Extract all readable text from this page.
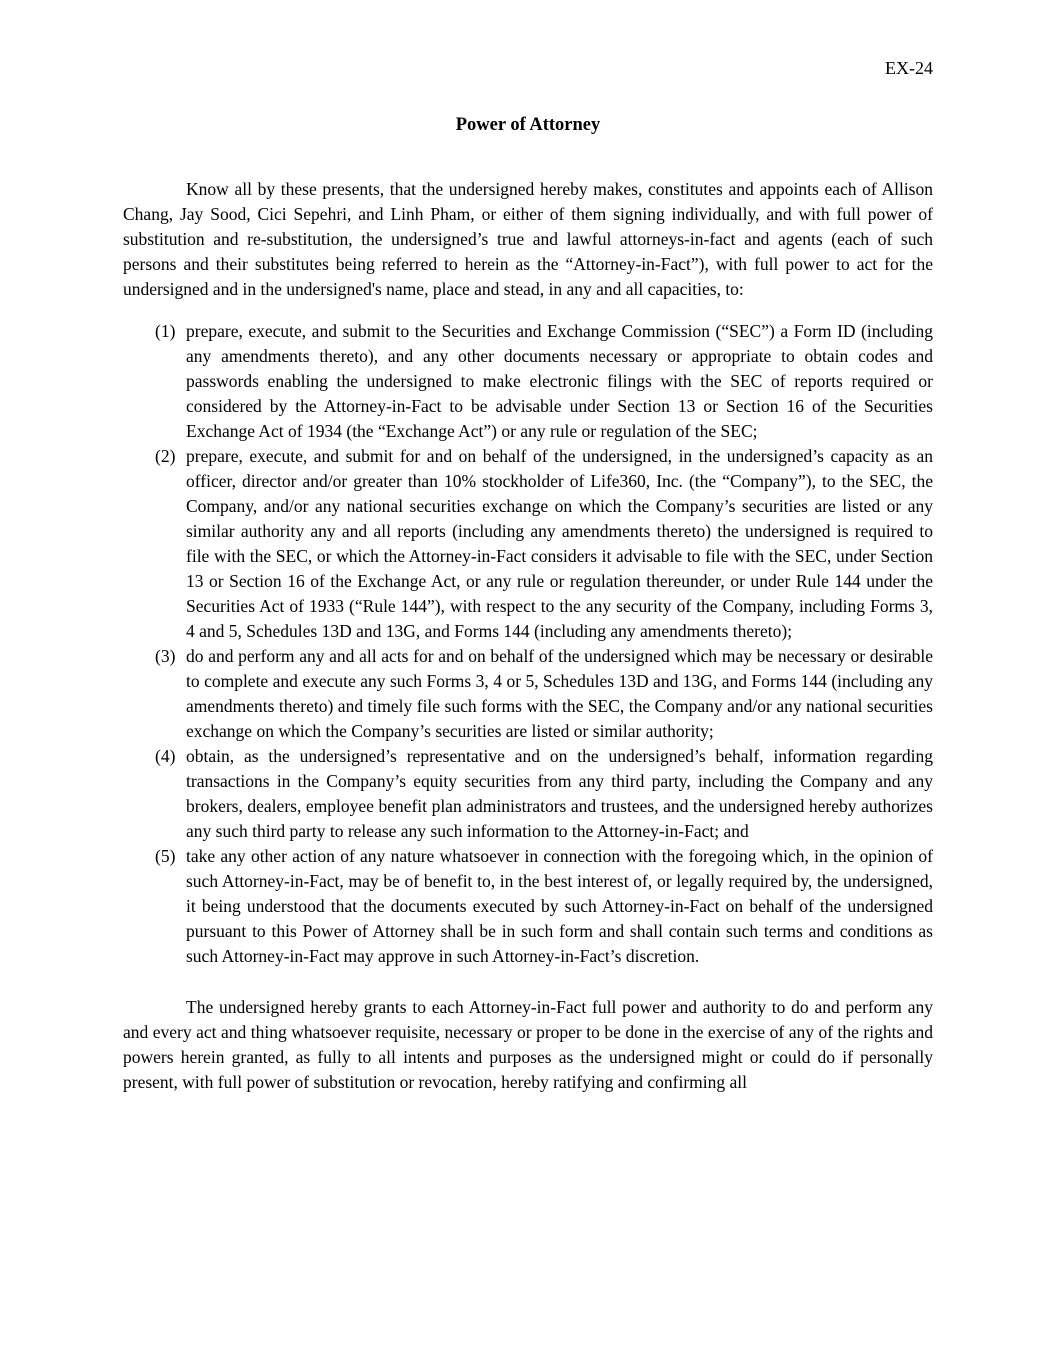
EX-24
Power of Attorney

Know all by these presents, that the undersigned hereby makes, constitutes and appoints each of Allison Chang, Jay Sood, Cici Sepehri, and Linh Pham, or either of them signing individually, and with full power of substitution and re-substitution, the undersigned’s true and lawful attorneys-in-fact and agents (each of such persons and their substitutes being referred to herein as the “Attorney-in-Fact”), with full power to act for the undersigned and in the undersigned's name, place and stead, in any and all capacities, to:

(1) prepare, execute, and submit to the Securities and Exchange Commission (“SEC”) a Form ID (including any amendments thereto), and any other documents necessary or appropriate to obtain codes and passwords enabling the undersigned to make electronic filings with the SEC of reports required or considered by the Attorney-in-Fact to be advisable under Section 13 or Section 16 of the Securities Exchange Act of 1934 (the “Exchange Act”) or any rule or regulation of the SEC;
(2) prepare, execute, and submit for and on behalf of the undersigned, in the undersigned’s capacity as an officer, director and/or greater than 10% stockholder of Life360, Inc. (the “Company”), to the SEC, the Company, and/or any national securities exchange on which the Company’s securities are listed or any similar authority any and all reports (including any amendments thereto) the undersigned is required to file with the SEC, or which the Attorney-in-Fact considers it advisable to file with the SEC, under Section 13 or Section 16 of the Exchange Act, or any rule or regulation thereunder, or under Rule 144 under the Securities Act of 1933 (“Rule 144”), with respect to the any security of the Company, including Forms 3, 4 and 5, Schedules 13D and 13G, and Forms 144 (including any amendments thereto);
(3) do and perform any and all acts for and on behalf of the undersigned which may be necessary or desirable to complete and execute any such Forms 3, 4 or 5, Schedules 13D and 13G, and Forms 144 (including any amendments thereto) and timely file such forms with the SEC, the Company and/or any national securities exchange on which the Company’s securities are listed or similar authority;
(4) obtain, as the undersigned’s representative and on the undersigned’s behalf, information regarding transactions in the Company’s equity securities from any third party, including the Company and any brokers, dealers, employee benefit plan administrators and trustees, and the undersigned hereby authorizes any such third party to release any such information to the Attorney-in-Fact; and
(5) take any other action of any nature whatsoever in connection with the foregoing which, in the opinion of such Attorney-in-Fact, may be of benefit to, in the best interest of, or legally required by, the undersigned, it being understood that the documents executed by such Attorney-in-Fact on behalf of the undersigned pursuant to this Power of Attorney shall be in such form and shall contain such terms and conditions as such Attorney-in-Fact may approve in such Attorney-in-Fact’s discretion.

The undersigned hereby grants to each Attorney-in-Fact full power and authority to do and perform any and every act and thing whatsoever requisite, necessary or proper to be done in the exercise of any of the rights and powers herein granted, as fully to all intents and purposes as the undersigned might or could do if personally present, with full power of substitution or revocation, hereby ratifying and confirming all
